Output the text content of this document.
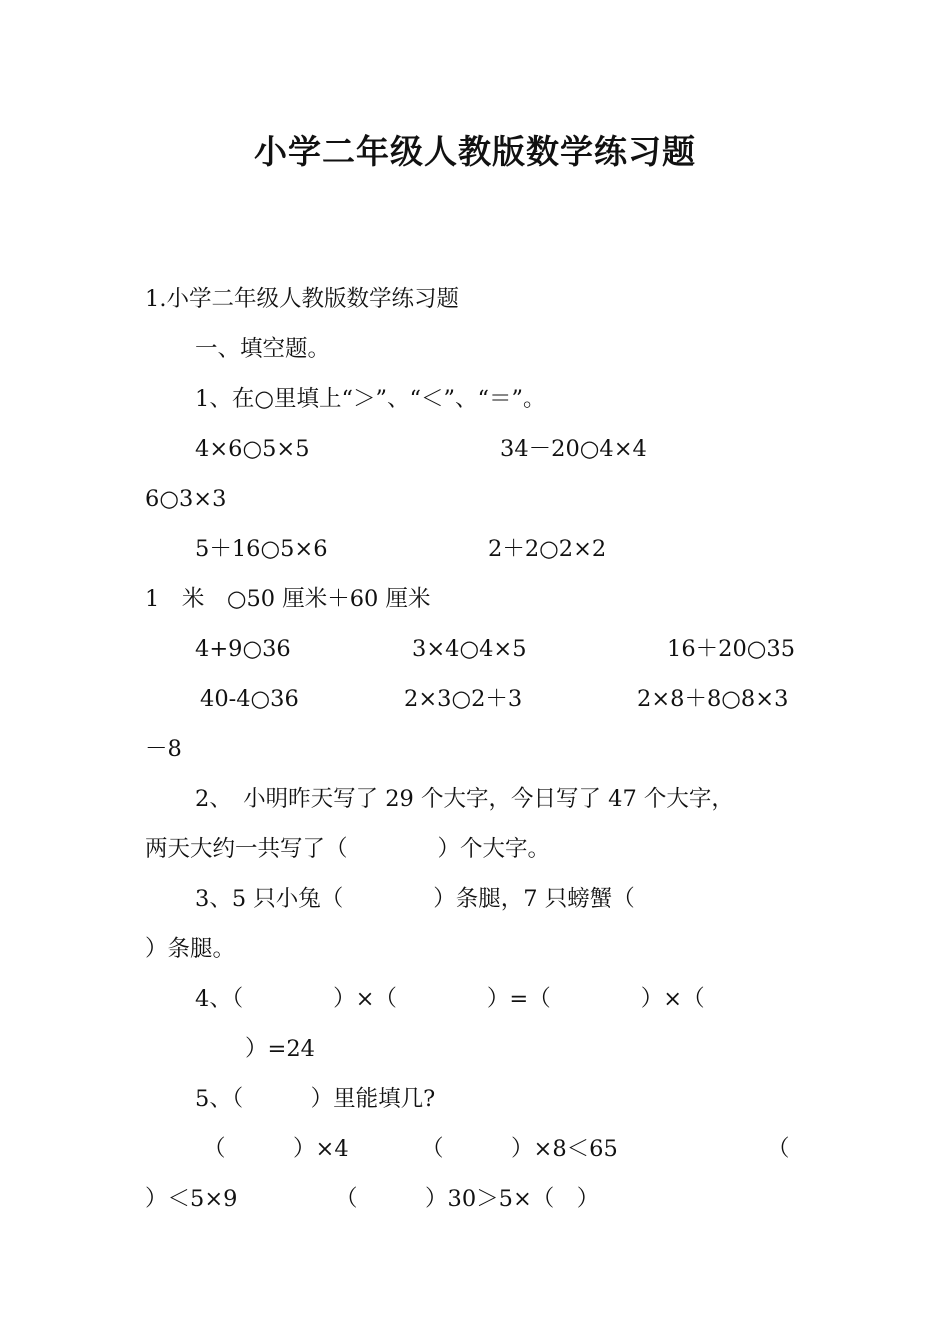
小学二年级人教版数学练习题
1.小学二年级人教版数学练习题
一、填空题。
1、在○里填上“＞”、“＜”、“＝”。
4×6○5×5	34－20○4×4
6○3×3
5＋16○5×6	2＋2○2×2
1　米　○50 厘米＋60 厘米
4+9○36	3×4○4×5	16＋20○35
40-4○36	2×3○2＋3	2×8＋8○8×3
－8
2、　小明昨天写了 29 个大字，今日写了 47 个大字，
两天大约一共写了（　　　　）个大字。
3、5 只小兔（　　　　）条腿，7 只螃蟹（
）条腿。
4、（　　　　）×（　　　　）=（　　　　）×（
）=24
5、（　　　）里能填几?
（　　　）×4	（　　　）×8＜65	（
）＜5×9	（　　　）30＞5×（　）
